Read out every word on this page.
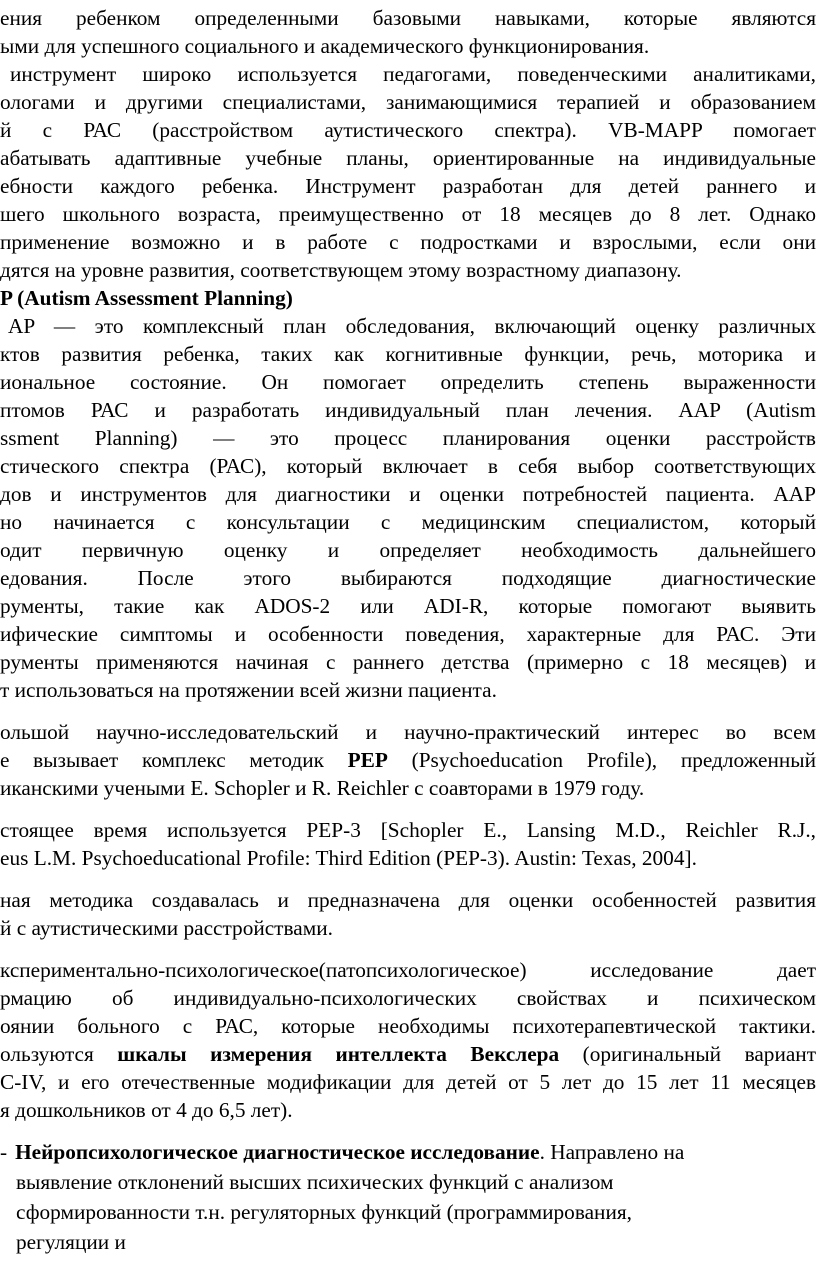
ения ребенком определенными базовыми навыками, которые являются
ыми для успешного социального и академического функционирования.
инструмент широко используется педагогами, поведенческими аналитиками,
ологами и другими специалистами, занимающимися терапией и образованием
й с РАС (расстройством аутистического спектра). VB-MAPP помогает
абатывать адаптивные учебные планы, ориентированные на индивидуальные
ебности каждого ребенка. Инструмент разработан для детей раннего и
шего школьного возраста, преимущественно от 18 месяцев до 8 лет. Однако
применение возможно и в работе с подростками и взрослыми, если они
дятся на уровне развития, соответствующем этому возрастному диапазону.
P (Autism Assessment Planning)
AP — это комплексный план обследования, включающий оценку различных
ктов развития ребенка, таких как когнитивные функции, речь, моторика и
иональное состояние. Он помогает определить степень выраженности
птомов РАС и разработать индивидуальный план лечения. AAP (Autism
ssment Planning) — это процесс планирования оценки расстройств
стического спектра (РАС), который включает в себя выбор соответствующих
дов и инструментов для диагностики и оценки потребностей пациента. AAP
но начинается с консультации с медицинским специалистом, который
одит первичную оценку и определяет необходимость дальнейшего
едования. После этого выбираются подходящие диагностические
рументы, такие как ADOS-2 или ADI-R, которые помогают выявить
ифические симптомы и особенности поведения, характерные для РАС. Эти
рументы применяются начиная с раннего детства (примерно с 18 месяцев) и
т использоваться на протяжении всей жизни пациента.
ольшой научно-исследовательский и научно-практический интерес во всем
е вызывает комплекс методик PEP (Psychoeducation Profile), предложенный
иканскими учеными E. Schopler и R. Reichler с соавторами в 1979 году.
стоящее время используется PEP-3 [Schopler E., Lansing M.D., Reichler R.J.,
eus L.M. Psychoeducational Profile: Third Edition (PEP-3). Austin: Texas, 2004].
ная методика создавалась и предназначена для оценки особенностей развития
й с аутистическими расстройствами.
кспериментально-психологическое(патопсихологическое) исследование дает
рмацию об индивидуально-психологических свойствах и психическом
оянии больного с РАС, которые необходимы психотерапевтической тактики.
ользуются шкалы измерения интеллекта Векслера (оригинальный вариант
C-IV, и его отечественные модификации для детей от 5 лет до 15 лет 11 месяцев
я дошкольников от 4 до 6,5 лет).
- Нейропсихологическое диагностическое исследование. Направлено на
выявление отклонений высших психических функций с анализом
сформированности т.н. регуляторных функций (программирования,
регуляции и
